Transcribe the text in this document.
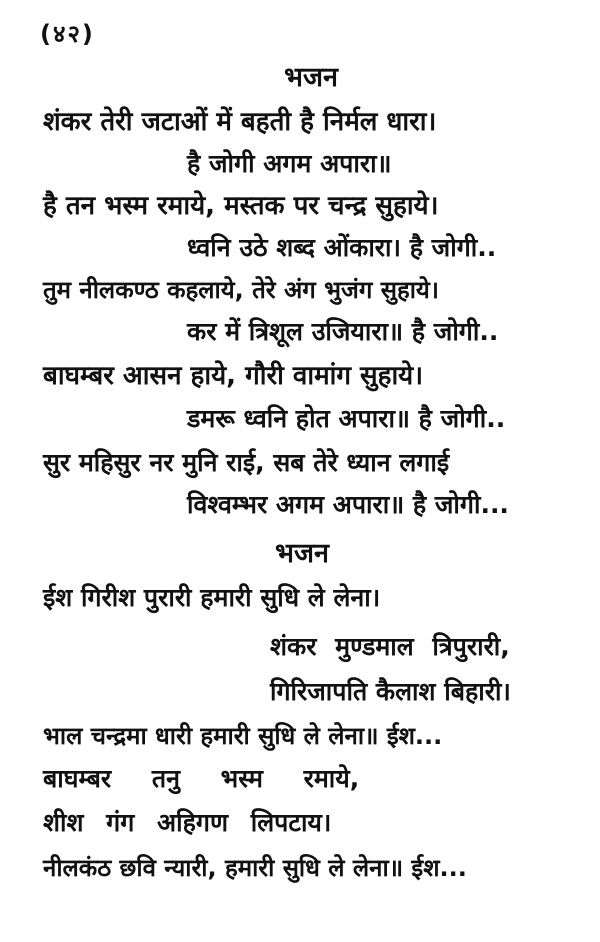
(४२)
भजन
शंकर तेरी जटाओं में बहती है निर्मल धारा।
है जोगी अगम अपारा॥
है तन भस्म रमाये, मस्तक पर चन्द्र सुहाये।
ध्वनि उठे शब्द ओंकारा। है जोगी..
तुम नीलकण्ठ कहलाये, तेरे अंग भुजंग सुहाये।
कर में त्रिशूल उजियारा॥ है जोगी..
बाघम्बर आसन हाये, गौरी वामांग सुहाये।
डमरू ध्वनि होत अपारा॥ है जोगी..
सुर महिसुर नर मुनि राई, सब तेरे ध्यान लगाई
विश्वम्भर अगम अपारा॥ है जोगी...
भजन
ईश गिरीश पुरारी हमारी सुधि ले लेना।
शंकर मुण्डमाल त्रिपुरारी,
गिरिजापति कैलाश बिहारी।
भाल चन्द्रमा धारी हमारी सुधि ले लेना॥ ईश...
बाघम्बर तनु भस्म रमाये,
शीश गंग अहिगण लिपटाय।
नीलकंठ छवि न्यारी, हमारी सुधि ले लेना॥ ईश...
